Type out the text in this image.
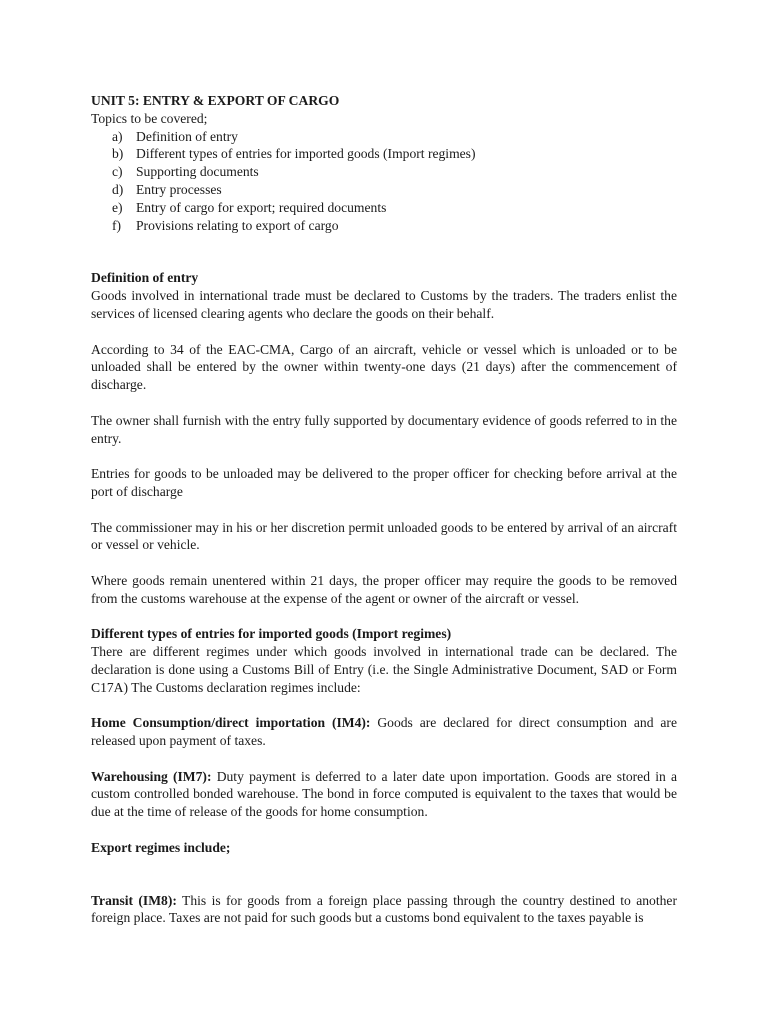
UNIT 5: ENTRY & EXPORT OF CARGO

Topics to be covered;

a) Definition of entry
b) Different types of entries for imported goods (Import regimes)
c) Supporting documents
d) Entry processes
e) Entry of cargo for export; required documents
f) Provisions relating to export of cargo

Definition of entry

Goods involved in international trade must be declared to Customs by the traders. The traders enlist the services of licensed clearing agents who declare the goods on their behalf.

According to 34 of the EAC-CMA, Cargo of an aircraft, vehicle or vessel which is unloaded or to be unloaded shall be entered by the owner within twenty-one days (21 days) after the commencement of discharge.

The owner shall furnish with the entry fully supported by documentary evidence of goods referred to in the entry.

Entries for goods to be unloaded may be delivered to the proper officer for checking before arrival at the port of discharge

The commissioner may in his or her discretion permit unloaded goods to be entered by arrival of an aircraft or vessel or vehicle.

Where goods remain unentered within 21 days, the proper officer may require the goods to be removed from the customs warehouse at the expense of the agent or owner of the aircraft or vessel.

Different types of entries for imported goods (Import regimes)

There are different regimes under which goods involved in international trade can be declared. The declaration is done using a Customs Bill of Entry (i.e. the Single Administrative Document, SAD or Form C17A) The Customs declaration regimes include:

Home Consumption/direct importation (IM4): Goods are declared for direct consumption and are released upon payment of taxes.

Warehousing (IM7): Duty payment is deferred to a later date upon importation. Goods are stored in a custom controlled bonded warehouse. The bond in force computed is equivalent to the taxes that would be due at the time of release of the goods for home consumption.

Export regimes include;

Transit (IM8): This is for goods from a foreign place passing through the country destined to another foreign place. Taxes are not paid for such goods but a customs bond equivalent to the taxes payable is
